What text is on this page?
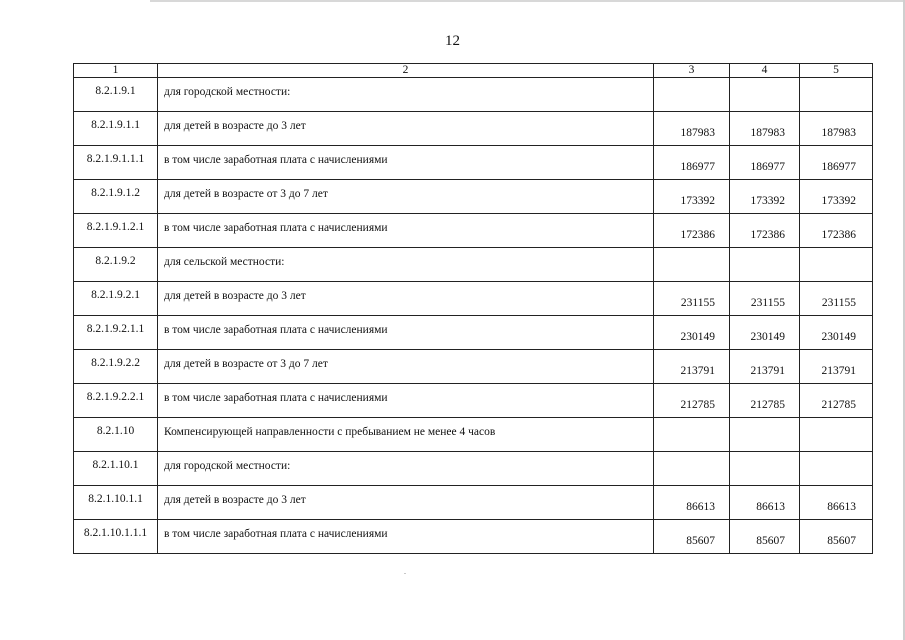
12
1	2	3	4	5
8.2.1.9.1	для городской местности:			
8.2.1.9.1.1	для детей в возрасте до 3 лет	187983	187983	187983
8.2.1.9.1.1.1	в том числе заработная плата с начислениями	186977	186977	186977
8.2.1.9.1.2	для детей в возрасте от 3 до 7 лет	173392	173392	173392
8.2.1.9.1.2.1	в том числе заработная плата с начислениями	172386	172386	172386
8.2.1.9.2	для сельской местности:			
8.2.1.9.2.1	для детей в возрасте до 3 лет	231155	231155	231155
8.2.1.9.2.1.1	в том числе заработная плата с начислениями	230149	230149	230149
8.2.1.9.2.2	для детей в возрасте от 3 до 7 лет	213791	213791	213791
8.2.1.9.2.2.1	в том числе заработная плата с начислениями	212785	212785	212785
8.2.1.10	Компенсирующей направленности с пребыванием не менее 4 часов			
8.2.1.10.1	для городской местности:			
8.2.1.10.1.1	для детей в возрасте до 3 лет	86613	86613	86613
8.2.1.10.1.1.1	в том числе заработная плата с начислениями	85607	85607	85607
